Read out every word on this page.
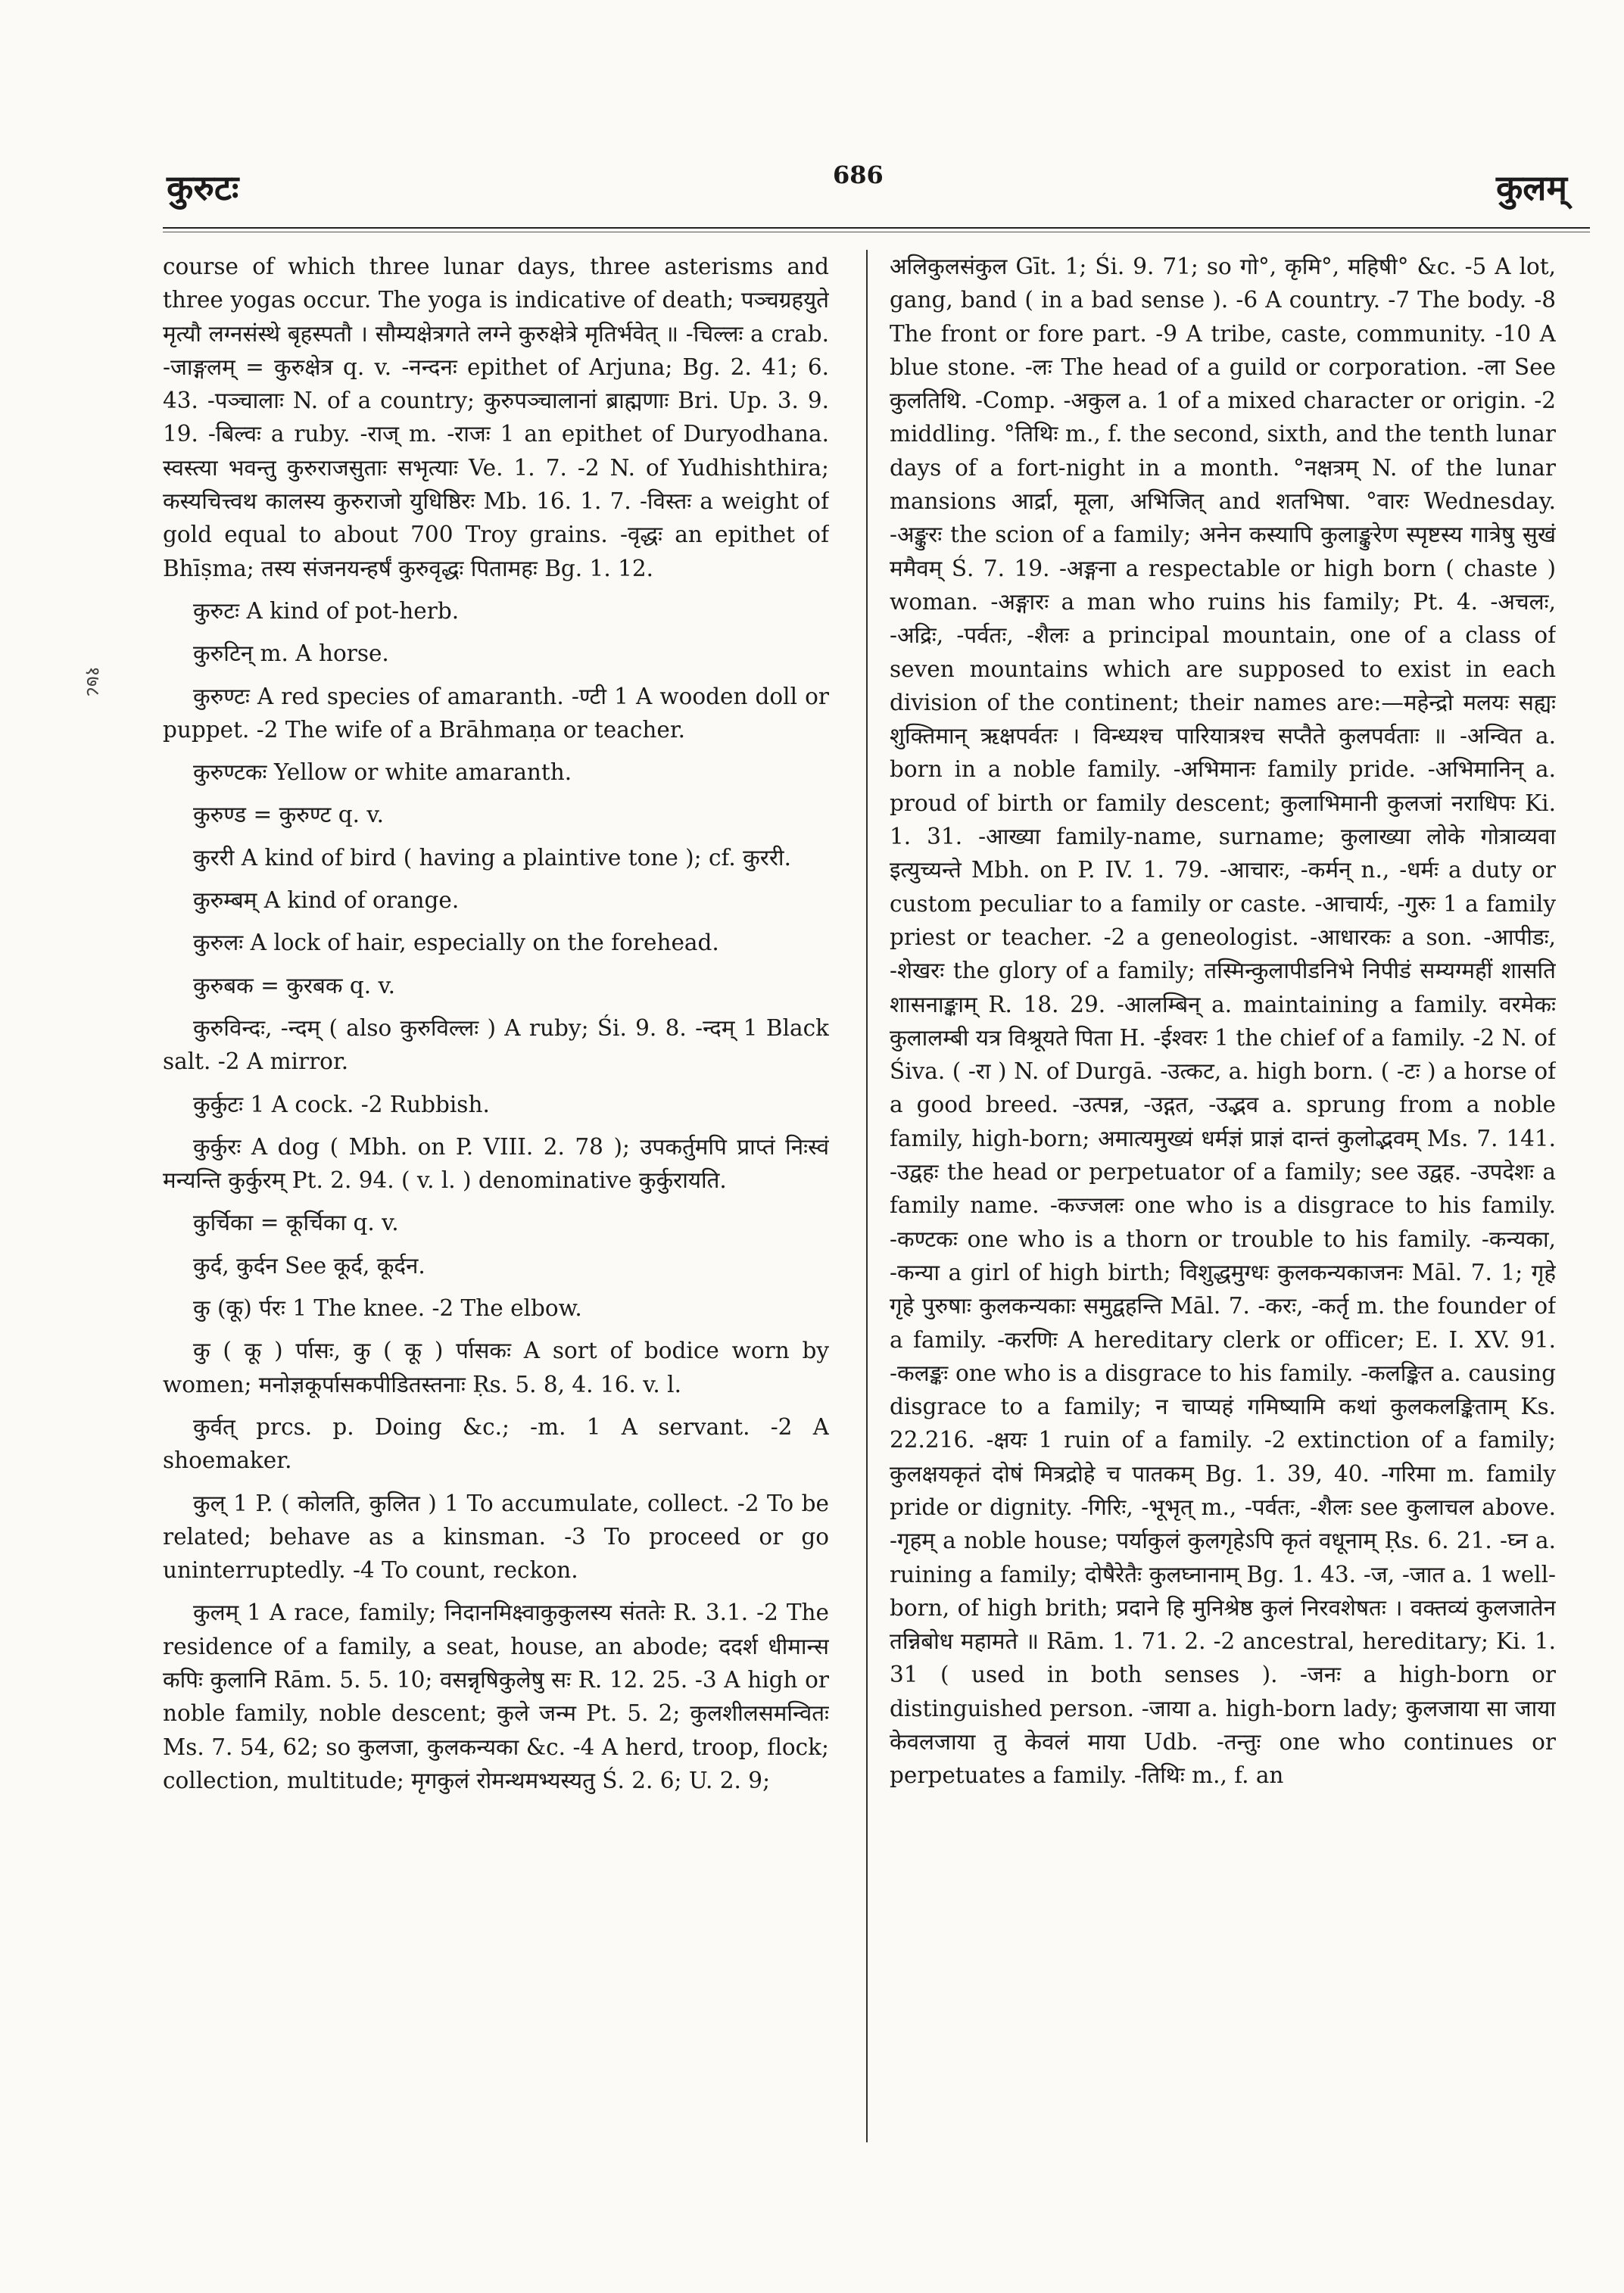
कुरुटः	686	कुलम्
१७८

course of which three lunar days, three asterisms and three yogas occur. The yoga is indicative of death; पञ्चग्रहयुते मृत्यौ लग्नसंस्थे बृहस्पतौ । सौम्यक्षेत्रगते लग्ने कुरुक्षेत्रे मृतिर्भवेत् ॥ -चिल्लः a crab. -जाङ्गलम् = कुरुक्षेत्र q. v. -नन्दनः epithet of Arjuna; Bg. 2. 41; 6. 43. -पञ्चालाः N. of a country; कुरुपञ्चालानां ब्राह्मणाः Bri. Up. 3. 9. 19. -बिल्वः a ruby. -राज् m. -राजः 1 an epithet of Duryodhana. स्वस्त्या भवन्तु कुरुराजसुताः सभृत्याः Ve. 1. 7. -2 N. of Yudhishthira; कस्यचित्त्वथ कालस्य कुरुराजो युधिष्ठिरः Mb. 16. 1. 7. -विस्तः a weight of gold equal to about 700 Troy grains. -वृद्धः an epithet of Bhīṣma; तस्य संजनयन्हर्षं कुरुवृद्धः पितामहः Bg. 1. 12.

कुरुटः A kind of pot-herb.

कुरुटिन् m. A horse.

कुरुण्टः A red species of amaranth. -ण्टी 1 A wooden doll or puppet. -2 The wife of a Brāhmaṇa or teacher.

कुरुण्टकः Yellow or white amaranth.

कुरुण्ड = कुरुण्ट q. v.

कुररी A kind of bird ( having a plaintive tone ); cf. कुररी.

कुरुम्बम् A kind of orange.

कुरुलः A lock of hair, especially on the forehead.

कुरुबक = कुरबक q. v.

कुरुविन्दः, -न्दम् ( also कुरुविल्लः ) A ruby; Śi. 9. 8. -न्दम् 1 Black salt. -2 A mirror.

कुर्कुटः 1 A cock. -2 Rubbish.

कुर्कुरः A dog ( Mbh. on P. VIII. 2. 78 ); उपकर्तुमपि प्राप्तं निःस्वं मन्यन्ति कुर्कुरम् Pt. 2. 94. ( v. l. ) denominative कुर्कुरायति.

कुर्चिका = कूर्चिका q. v.

कुर्द, कुर्दन See कूर्द, कूर्दन.

कु (कू) र्परः 1 The knee. -2 The elbow.

कु ( कू ) र्पासः, कु ( कू ) र्पासकः A sort of bodice worn by women; मनोज्ञकूर्पासकपीडितस्तनाः Ṛs. 5. 8, 4. 16. v. l.

कुर्वत् prcs. p. Doing &c.; -m. 1 A servant. -2 A shoemaker.

कुल् 1 P. ( कोलति, कुलित ) 1 To accumulate, collect. -2 To be related; behave as a kinsman. -3 To proceed or go uninterruptedly. -4 To count, reckon.

कुलम् 1 A race, family; निदानमिक्ष्वाकुकुलस्य संततेः R. 3.1. -2 The residence of a family, a seat, house, an abode; ददर्श धीमान्स कपिः कुलानि Rām. 5. 5. 10; वसन्नृषिकुलेषु सः R. 12. 25. -3 A high or noble family, noble descent; कुले जन्म Pt. 5. 2; कुलशीलसमन्वितः Ms. 7. 54, 62; so कुलजा, कुलकन्यका &c. -4 A herd, troop, flock; collection, multitude; मृगकुलं रोमन्थमभ्यस्यतु Ś. 2. 6; U. 2. 9;

अलिकुलसंकुल Gīt. 1; Śi. 9. 71; so गो°, कृमि°, महिषी° &c. -5 A lot, gang, band ( in a bad sense ). -6 A country. -7 The body. -8 The front or fore part. -9 A tribe, caste, community. -10 A blue stone. -लः The head of a guild or corporation. -ला See कुलतिथि. -Comp. -अकुल a. 1 of a mixed character or origin. -2 middling. °तिथिः m., f. the second, sixth, and the tenth lunar days of a fort-night in a month. °नक्षत्रम् N. of the lunar mansions आर्द्रा, मूला, अभिजित् and शतभिषा. °वारः Wednesday. -अङ्कुरः the scion of a family; अनेन कस्यापि कुलाङ्कुरेण स्पृष्टस्य गात्रेषु सुखं ममैवम् Ś. 7. 19. -अङ्गना a respectable or high born ( chaste ) woman. -अङ्गारः a man who ruins his family; Pt. 4. -अचलः, -अद्रिः, -पर्वतः, -शैलः a principal mountain, one of a class of seven mountains which are supposed to exist in each division of the continent; their names are:—महेन्द्रो मलयः सह्यः शुक्तिमान् ऋक्षपर्वतः । विन्ध्यश्च पारियात्रश्च सप्तैते कुलपर्वताः ॥ -अन्वित a. born in a noble family. -अभिमानः family pride. -अभिमानिन् a. proud of birth or family descent; कुलाभिमानी कुलजां नराधिपः Ki. 1. 31. -आख्या family-name, surname; कुलाख्या लोके गोत्राव्यवा इत्युच्यन्ते Mbh. on P. IV. 1. 79. -आचारः, -कर्मन् n., -धर्मः a duty or custom peculiar to a family or caste. -आचार्यः, -गुरुः 1 a family priest or teacher. -2 a geneologist. -आधारकः a son. -आपीडः, -शेखरः the glory of a family; तस्मिन्कुलापीडनिभे निपीडं सम्यग्महीं शासति शासनाङ्काम् R. 18. 29. -आलम्बिन् a. maintaining a family. वरमेकः कुलालम्बी यत्र विश्रूयते पिता H. -ईश्वरः 1 the chief of a family. -2 N. of Śiva. ( -रा ) N. of Durgā. -उत्कट, a. high born. ( -टः ) a horse of a good breed. -उत्पन्न, -उद्गत, -उद्भव a. sprung from a noble family, high-born; अमात्यमुख्यं धर्मज्ञं प्राज्ञं दान्तं कुलोद्भवम् Ms. 7. 141. -उद्वहः the head or perpetuator of a family; see उद्वह. -उपदेशः a family name. -कज्जलः one who is a disgrace to his family. -कण्टकः one who is a thorn or trouble to his family. -कन्यका, -कन्या a girl of high birth; विशुद्धमुग्धः कुलकन्यकाजनः Māl. 7. 1; गृहे गृहे पुरुषाः कुलकन्यकाः समुद्वहन्ति Māl. 7. -करः, -कर्तृ m. the founder of a family. -करणिः A hereditary clerk or officer; E. I. XV. 91. -कलङ्कः one who is a disgrace to his family. -कलङ्कित a. causing disgrace to a family; न चाप्यहं गमिष्यामि कथां कुलकलङ्किताम् Ks. 22.216. -क्षयः 1 ruin of a family. -2 extinction of a family; कुलक्षयकृतं दोषं मित्रद्रोहे च पातकम् Bg. 1. 39, 40. -गरिमा m. family pride or dignity. -गिरिः, -भूभृत् m., -पर्वतः, -शैलः see कुलाचल above. -गृहम् a noble house; पर्याकुलं कुलगृहेऽपि कृतं वधूनाम् Ṛs. 6. 21. -घ्न a. ruining a family; दोषैरेतैः कुलघ्नानाम् Bg. 1. 43. -ज, -जात a. 1 well-born, of high brith; प्रदाने हि मुनिश्रेष्ठ कुलं निरवशेषतः । वक्तव्यं कुलजातेन तन्निबोध महामते ॥ Rām. 1. 71. 2. -2 ancestral, hereditary; Ki. 1. 31 ( used in both senses ). -जनः a high-born or distinguished person. -जाया a. high-born lady; कुलजाया सा जाया केवलजाया तु केवलं माया Udb. -तन्तुः one who continues or perpetuates a family. -तिथिः m., f. an
